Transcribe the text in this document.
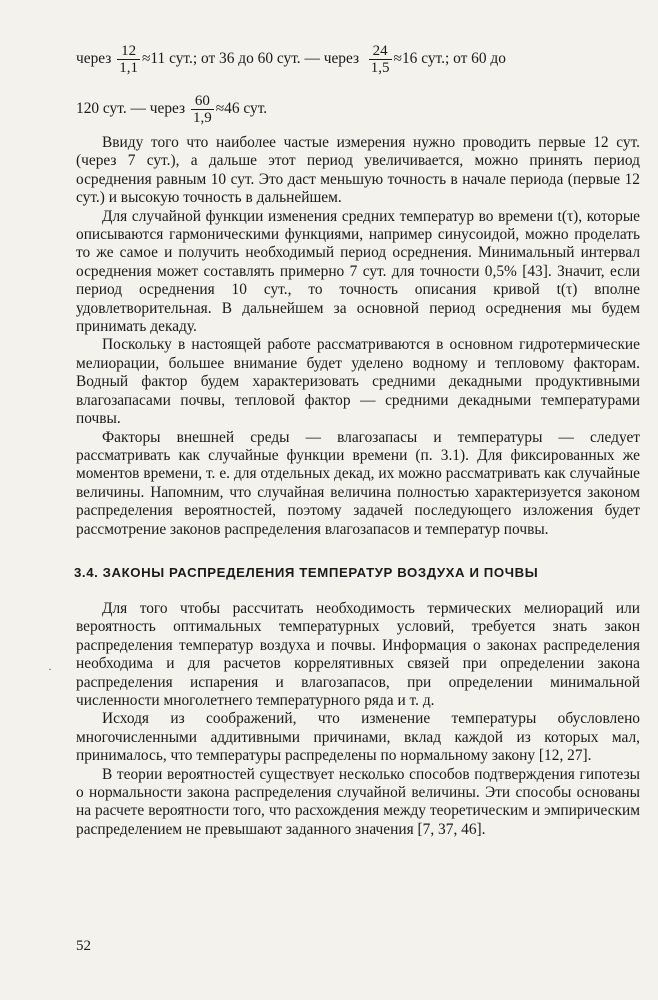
через
$\frac{12}{1,1} \approx 11$ сут.; от 36 до 60 сут. — через
$\frac{24}{1,5} \approx 16$ сут.; от 60 до
120 сут. — через
$\frac{60}{1,9} \approx 46$ сут.

Ввиду того что наиболее частые измерения нужно проводить первые 12 сут. (через 7 сут.), а дальше этот период увеличивается, можно принять период осреднения равным 10 сут. Это даст меньшую точность в начале периода (первые 12 сут.) и высокую точность в дальнейшем.

Для случайной функции изменения средних температур во времени t(τ), которые описываются гармоническими функциями, например синусоидой, можно проделать то же самое и получить необходимый период осреднения. Минимальный интервал осреднения может составлять примерно 7 сут. для точности 0,5% [43]. Значит, если период осреднения 10 сут., то точность описания кривой t(τ) вполне удовлетворительная. В дальнейшем за основной период осреднения мы будем принимать декаду.

Поскольку в настоящей работе рассматриваются в основном гидротермические мелиорации, большее внимание будет уделено водному и тепловому факторам. Водный фактор будем характеризовать средними декадными продуктивными влагозапасами почвы, тепловой фактор — средними декадными температурами почвы.

Факторы внешней среды — влагозапасы и температуры — следует рассматривать как случайные функции времени (п. 3.1). Для фиксированных же моментов времени, т. е. для отдельных декад, их можно рассматривать как случайные величины. Напомним, что случайная величина полностью характеризуется законом распределения вероятностей, поэтому задачей последующего изложения будет рассмотрение законов распределения влагозапасов и температур почвы.

3.4. ЗАКОНЫ РАСПРЕДЕЛЕНИЯ ТЕМПЕРАТУР ВОЗДУХА И ПОЧВЫ

Для того чтобы рассчитать необходимость термических мелиораций или вероятность оптимальных температурных условий, требуется знать закон распределения температур воздуха и почвы. Информация о законах распределения необходима и для расчетов коррелятивных связей при определении закона распределения испарения и влагозапасов, при определении минимальной численности многолетнего температурного ряда и т. д.

Исходя из соображений, что изменение температуры обусловлено многочисленными аддитивными причинами, вклад каждой из которых мал, принималось, что температуры распределены по нормальному закону [12, 27].

В теории вероятностей существует несколько способов подтверждения гипотезы о нормальности закона распределения случайной величины. Эти способы основаны на расчете вероятности того, что расхождения между теоретическим и эмпирическим распределением не превышают заданного значения [7, 37, 46].

·
52
